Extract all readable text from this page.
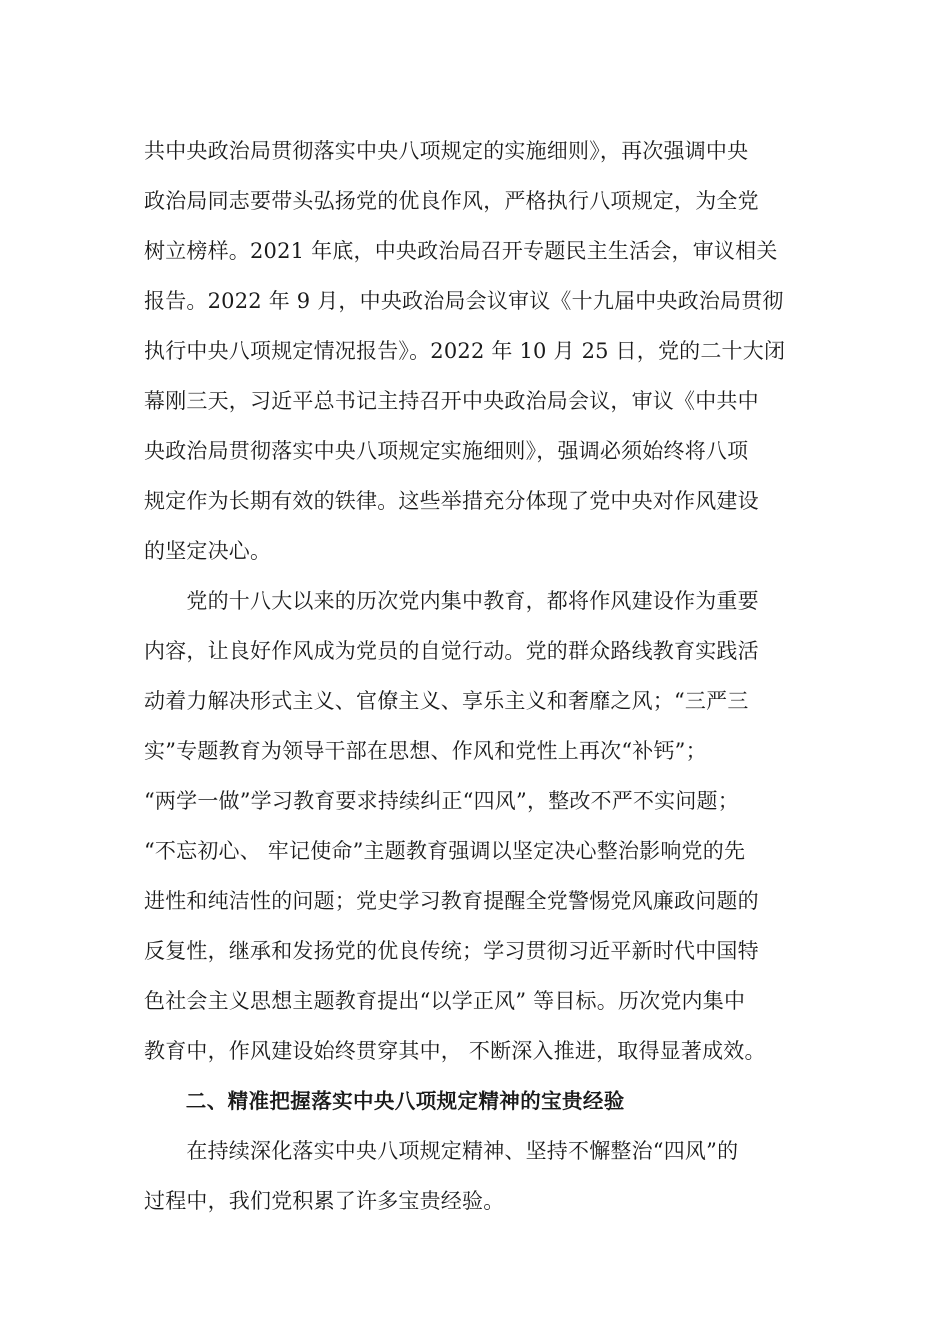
共中央政治局贯彻落实中央八项规定的实施细则》，再次强调中央
政治局同志要带头弘扬党的优良作风，严格执行八项规定，为全党
树立榜样。2021 年底，中央政治局召开专题民主生活会，审议相关
报告。2022 年 9 月，中央政治局会议审议《十九届中央政治局贯彻
执行中央八项规定情况报告》。2022 年 10 月 25 日，党的二十大闭
幕刚三天，习近平总书记主持召开中央政治局会议，审议《中共中
央政治局贯彻落实中央八项规定实施细则》，强调必须始终将八项
规定作为长期有效的铁律。这些举措充分体现了党中央对作风建设
的坚定决心。
　　党的十八大以来的历次党内集中教育，都将作风建设作为重要
内容，让良好作风成为党员的自觉行动。党的群众路线教育实践活
动着力解决形式主义、官僚主义、享乐主义和奢靡之风；“三严三
实”专题教育为领导干部在思想、作风和党性上再次“补钙”；
“两学一做”学习教育要求持续纠正“四风”，整改不严不实问题；
“不忘初心、 牢记使命”主题教育强调以坚定决心整治影响党的先
进性和纯洁性的问题；党史学习教育提醒全党警惕党风廉政问题的
反复性，继承和发扬党的优良传统；学习贯彻习近平新时代中国特
色社会主义思想主题教育提出“以学正风” 等目标。历次党内集中
教育中，作风建设始终贯穿其中， 不断深入推进，取得显著成效。
　　二、精准把握落实中央八项规定精神的宝贵经验
　　在持续深化落实中央八项规定精神、坚持不懈整治“四风”的
过程中，我们党积累了许多宝贵经验。
